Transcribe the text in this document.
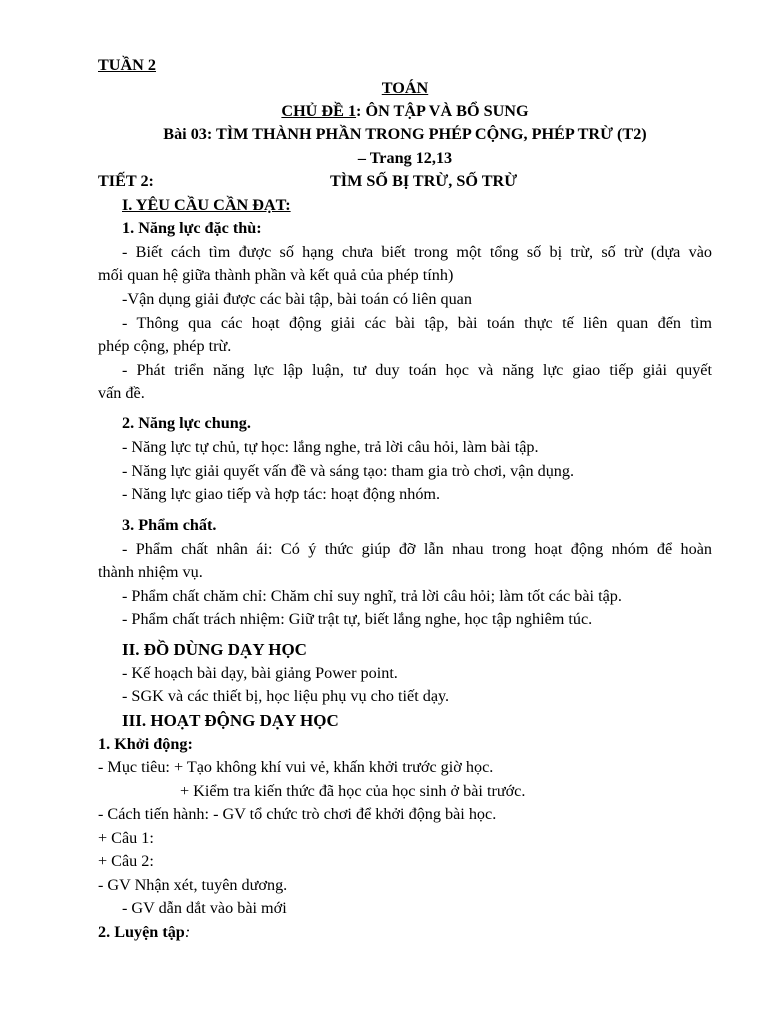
TUẦN 2
TOÁN
CHỦ ĐỀ 1: ÔN TẬP VÀ BỔ SUNG
Bài 03: TÌM THÀNH PHẦN TRONG PHÉP CỘNG, PHÉP TRỪ (T2)
– Trang 12,13
TIẾT 2:	TÌM SỐ BỊ TRỪ, SỐ TRỪ
I. YÊU CẦU CẦN ĐẠT:
1. Năng lực đặc thù:
- Biết cách tìm được số hạng chưa biết trong một tổng số bị trừ, số trừ (dựa vào
mối quan hệ giữa thành phần và kết quả của phép tính)
-Vận dụng giải được các bài tập, bài toán có liên quan
- Thông qua các hoạt động giải các bài tập, bài toán thực tế liên quan đến tìm
phép cộng, phép trừ.
- Phát triển năng lực lập luận, tư duy toán học và năng lực giao tiếp giải quyết
vấn đề.
2. Năng lực chung.
- Năng lực tự chủ, tự học: lắng nghe, trả lời câu hỏi, làm bài tập.
- Năng lực giải quyết vấn đề và sáng tạo: tham gia trò chơi, vận dụng.
- Năng lực giao tiếp và hợp tác: hoạt động nhóm.
3. Phẩm chất.
- Phẩm chất nhân ái: Có ý thức giúp đỡ lẫn nhau trong hoạt động nhóm để hoàn
thành nhiệm vụ.
- Phẩm chất chăm chỉ: Chăm chỉ suy nghĩ, trả lời câu hỏi; làm tốt các bài tập.
- Phẩm chất trách nhiệm: Giữ trật tự, biết lắng nghe, học tập nghiêm túc.
II. ĐỒ DÙNG DẠY HỌC
- Kế hoạch bài dạy, bài giảng Power point.
- SGK và các thiết bị, học liệu phụ vụ cho tiết dạy.
III. HOẠT ĐỘNG DẠY HỌC
1. Khởi động:
- Mục tiêu: + Tạo không khí vui vẻ, khấn khởi trước giờ học.
+ Kiểm tra kiến thức đã học của học sinh ở bài trước.
- Cách tiến hành: - GV tổ chức trò chơi để khởi động bài học.
+ Câu 1:
+ Câu 2:
- GV Nhận xét, tuyên dương.
- GV dẫn dắt vào bài mới
2. Luyện tập:
